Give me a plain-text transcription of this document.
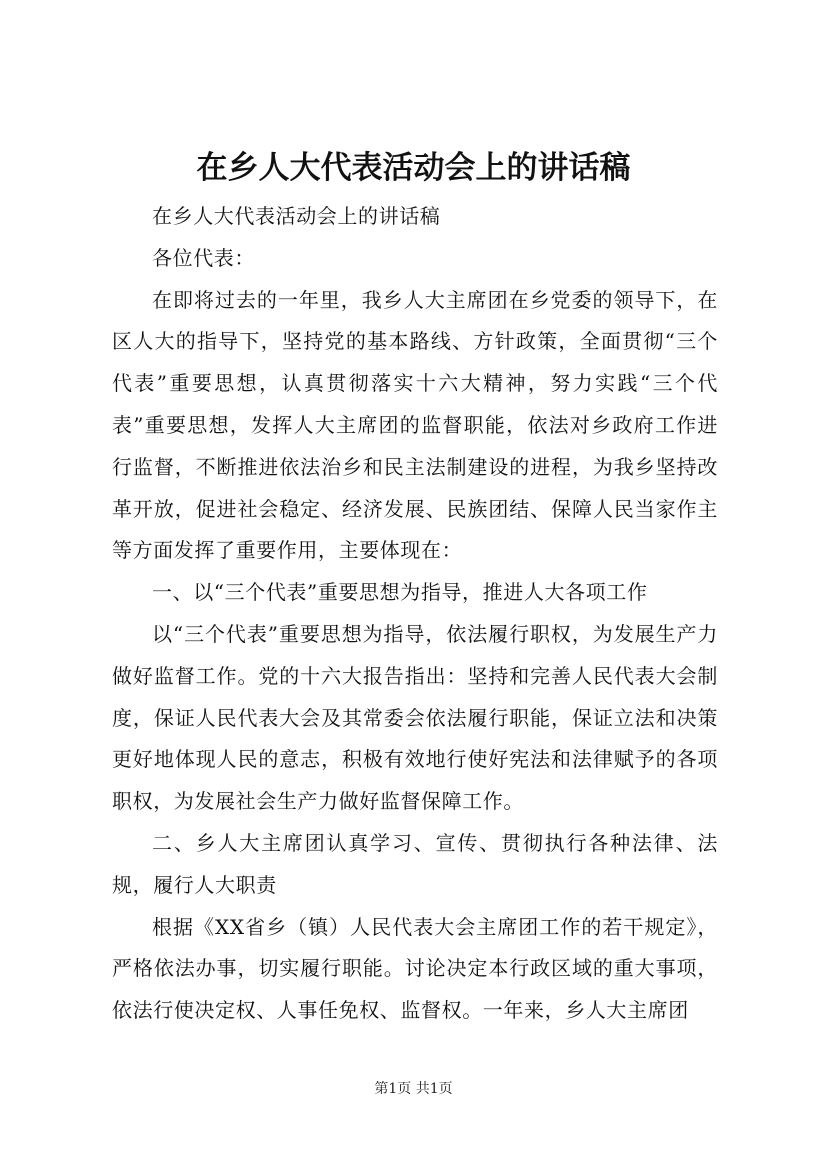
在乡人大代表活动会上的讲话稿

在乡人大代表活动会上的讲话稿

各位代表：

在即将过去的一年里，我乡人大主席团在乡党委的领导下，在区人大的指导下，坚持党的基本路线、方针政策，全面贯彻“三个代表”重要思想，认真贯彻落实十六大精神，努力实践“三个代表”重要思想，发挥人大主席团的监督职能，依法对乡政府工作进行监督，不断推进依法治乡和民主法制建设的进程，为我乡坚持改革开放，促进社会稳定、经济发展、民族团结、保障人民当家作主等方面发挥了重要作用，主要体现在：

一、以“三个代表”重要思想为指导，推进人大各项工作

以“三个代表”重要思想为指导，依法履行职权，为发展生产力做好监督工作。党的十六大报告指出：坚持和完善人民代表大会制度，保证人民代表大会及其常委会依法履行职能，保证立法和决策更好地体现人民的意志，积极有效地行使好宪法和法律赋予的各项职权，为发展社会生产力做好监督保障工作。

二、乡人大主席团认真学习、宣传、贯彻执行各种法律、法规，履行人大职责

根据《XX省乡（镇）人民代表大会主席团工作的若干规定》，严格依法办事，切实履行职能。讨论决定本行政区域的重大事项，依法行使决定权、人事任免权、监督权。一年来，乡人大主席团

第1页 共1页
